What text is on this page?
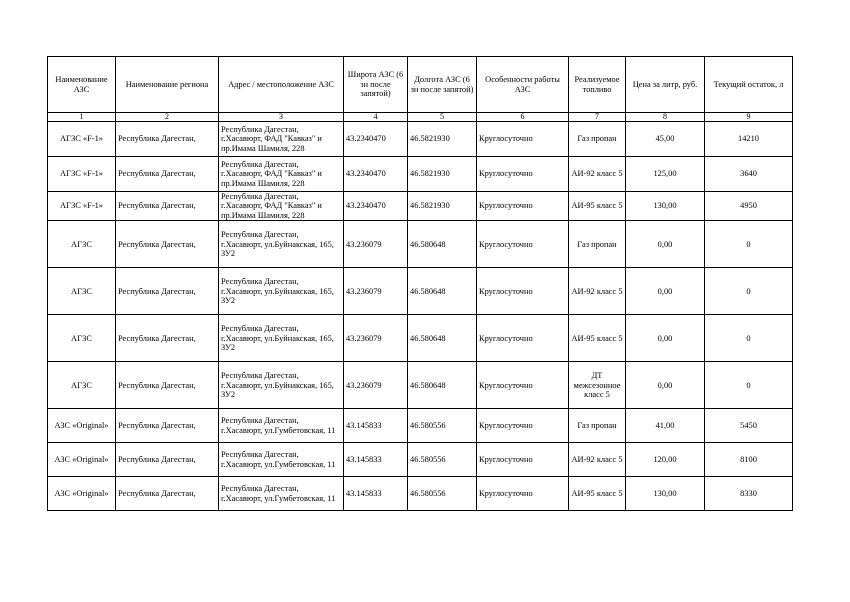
Наименование АЗС	Наименование региона	Адрес / местоположение АЗС	Широта АЗС (6 зн после запятой)	Долгота АЗС (6 зн после запятой)	Особенности работы АЗС	Реализуемое топливо	Цена за литр, руб.	Текущий остаток, л
1	2	3	4	5	6	7	8	9
АГЗС «F-1»	Республика Дагестан,	Республика Дагестан, г.Хасавюрт, ФАД "Кавказ" и пр.Имама Шамиля, 228	43.2340470	46.5821930	Круглосуточно	Газ пропан	45,00	14210
АГЗС «F-1»	Республика Дагестан,	Республика Дагестан, г.Хасавюрт, ФАД "Кавказ" и пр.Имама Шамиля, 228	43.2340470	46.5821930	Круглосуточно	АИ-92 класс 5	125,00	3640
АГЗС «F-1»	Республика Дагестан,	Республика Дагестан, г.Хасавюрт, ФАД "Кавказ" и пр.Имама Шамиля, 228	43.2340470	46.5821930	Круглосуточно	АИ-95 класс 5	130,00	4950
АГЗС	Республика Дагестан,	Республика Дагестан, г.Хасавюрт, ул.Буйнакская, 165, ЗУ2	43.236079	46.580648	Круглосуточно	Газ пропан	0,00	0
АГЗС	Республика Дагестан,	Республика Дагестан, г.Хасавюрт, ул.Буйнакская, 165, ЗУ2	43.236079	46.580648	Круглосуточно	АИ-92 класс 5	0,00	0
АГЗС	Республика Дагестан,	Республика Дагестан, г.Хасавюрт, ул.Буйнакская, 165, ЗУ2	43.236079	46.580648	Круглосуточно	АИ-95 класс 5	0,00	0
АГЗС	Республика Дагестан,	Республика Дагестан, г.Хасавюрт, ул.Буйнакская, 165, ЗУ2	43.236079	46.580648	Круглосуточно	ДТ межсезонное класс 5	0,00	0
АЗС «Original»	Республика Дагестан,	Республика Дагестан, г.Хасавюрт, ул.Гумбетовская, 11	43.145833	46.580556	Круглосуточно	Газ пропан	41,00	5450
АЗС «Original»	Республика Дагестан,	Республика Дагестан, г.Хасавюрт, ул.Гумбетовская, 11	43.145833	46.580556	Круглосуточно	АИ-92 класс 5	120,00	8100
АЗС «Original»	Республика Дагестан,	Республика Дагестан, г.Хасавюрт, ул.Гумбетовская, 11	43.145833	46.580556	Круглосуточно	АИ-95 класс 5	130,00	8330
